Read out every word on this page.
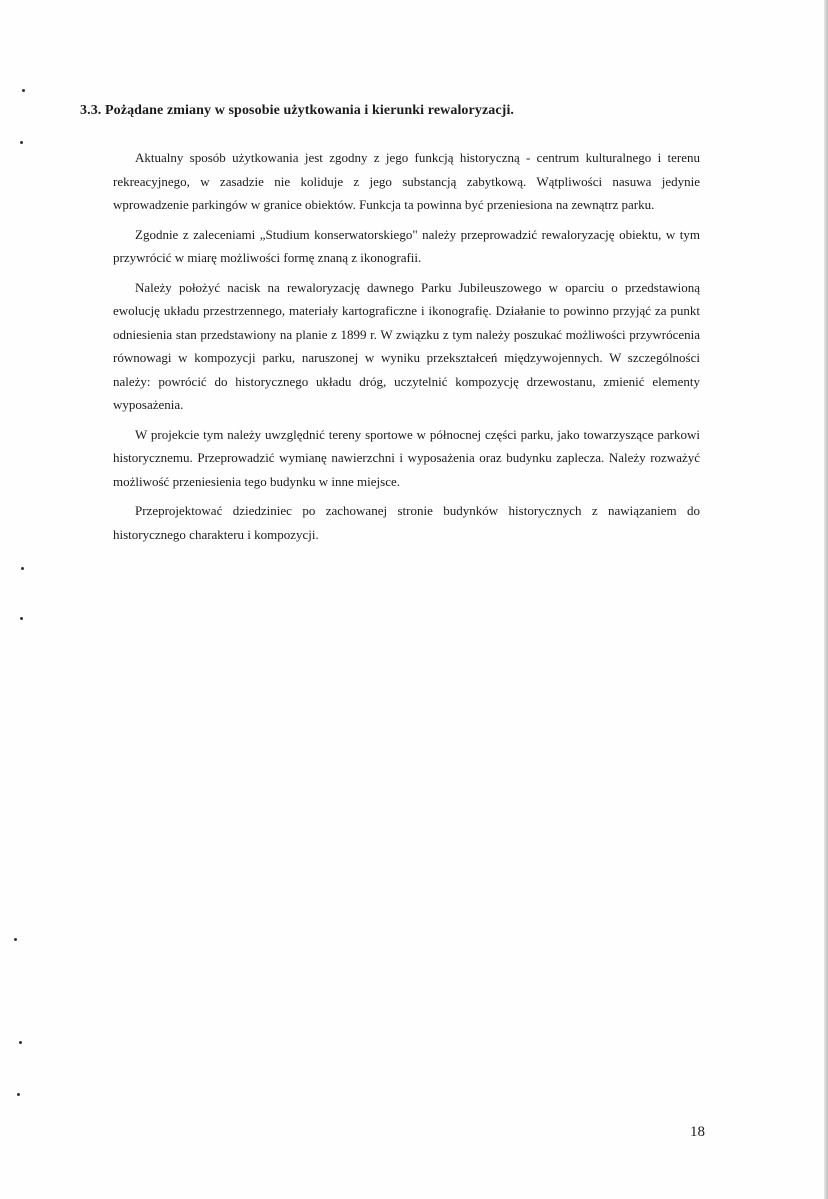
3.3. Pożądane zmiany w sposobie użytkowania i kierunki rewaloryzacji.

Aktualny sposób użytkowania jest zgodny z jego funkcją historyczną - centrum kulturalnego i terenu rekreacyjnego, w zasadzie nie koliduje z jego substancją zabytkową. Wątpliwości nasuwa jedynie wprowadzenie parkingów w granice obiektów. Funkcja ta powinna być przeniesiona na zewnątrz parku.

Zgodnie z zaleceniami „Studium konserwatorskiego" należy przeprowadzić rewaloryzację obiektu, w tym przywrócić w miarę możliwości formę znaną z ikonografii.

Należy położyć nacisk na rewaloryzację dawnego Parku Jubileuszowego w oparciu o przedstawioną ewolucję układu przestrzennego, materiały kartograficzne i ikonografię. Działanie to powinno przyjąć za punkt odniesienia stan przedstawiony na planie z 1899 r. W związku z tym należy poszukać możliwości przywrócenia równowagi w kompozycji parku, naruszonej w wyniku przekształceń międzywojennych. W szczególności należy: powrócić do historycznego układu dróg, uczytelnić kompozycję drzewostanu, zmienić elementy wyposażenia.

W projekcie tym należy uwzględnić tereny sportowe w północnej części parku, jako towarzyszące parkowi historycznemu. Przeprowadzić wymianę nawierzchni i wyposażenia oraz budynku zaplecza. Należy rozważyć możliwość przeniesienia tego budynku w inne miejsce.

Przeprojektować dziedziniec po zachowanej stronie budynków historycznych z nawiązaniem do historycznego charakteru i kompozycji.

18
